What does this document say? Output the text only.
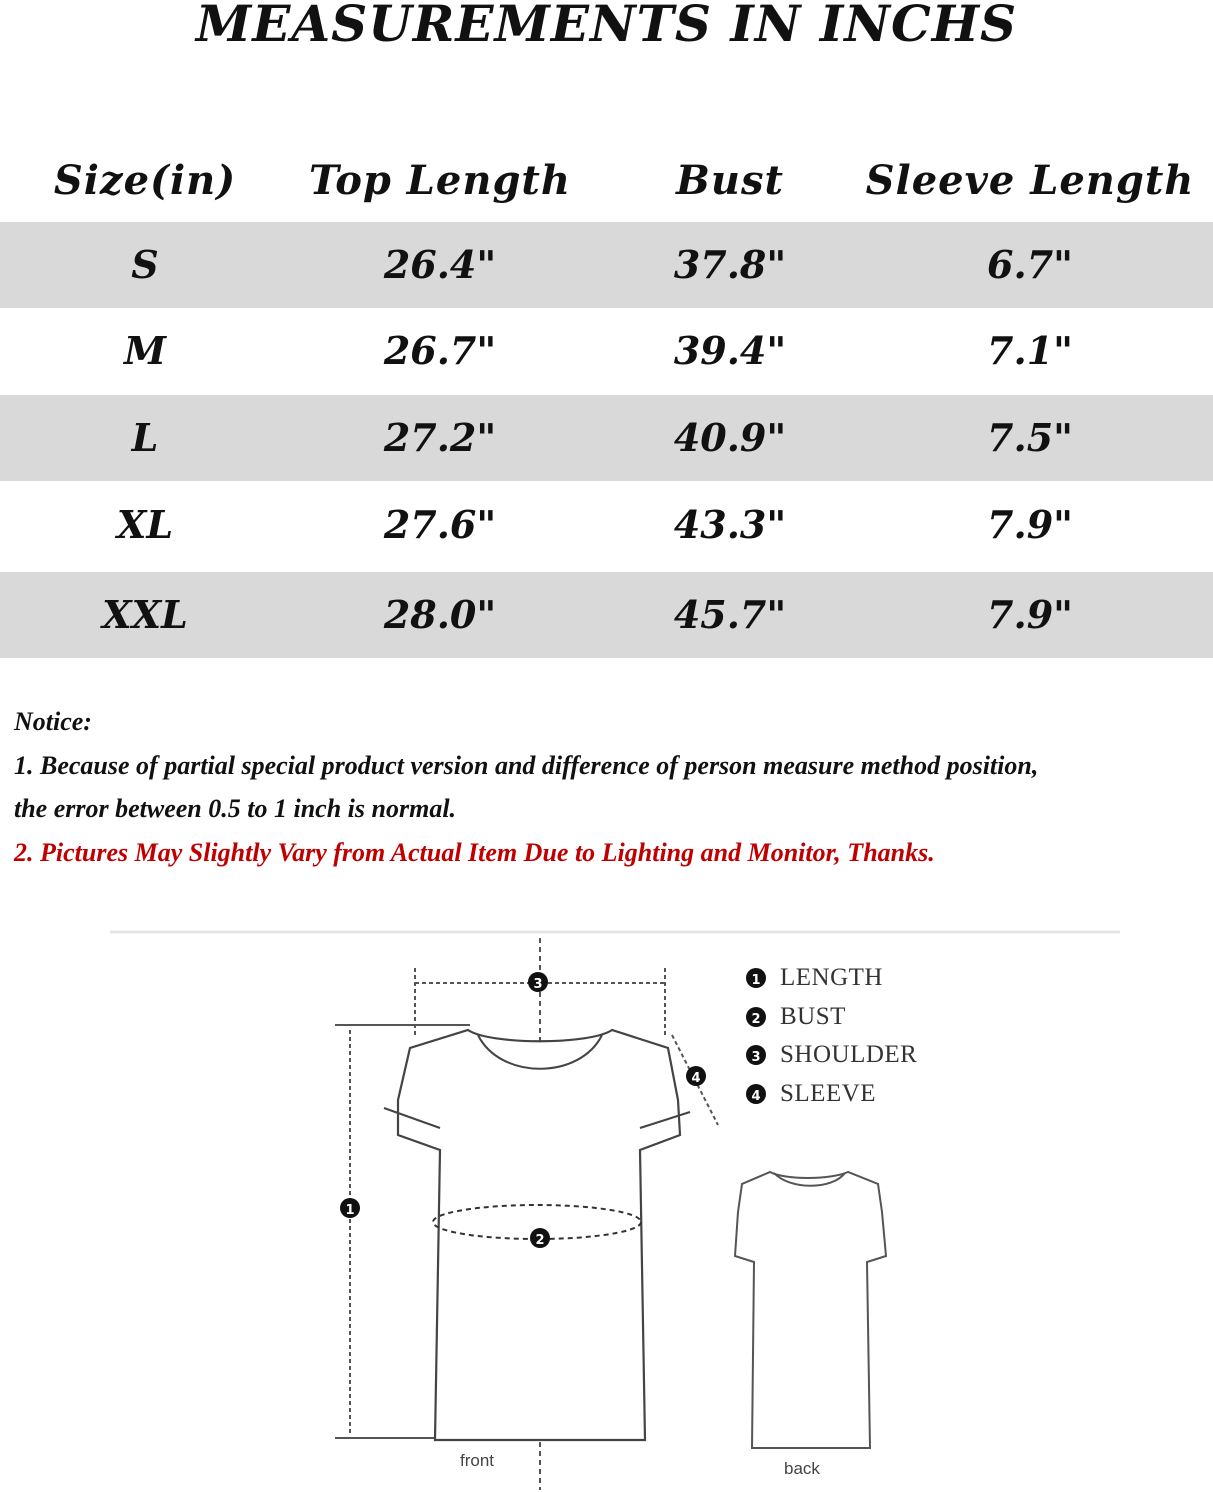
MEASUREMENTS IN INCHS
Size(in)	Top Length	Bust	Sleeve Length
S	26.4"	37.8"	6.7"
M	26.7"	39.4"	7.1"
L	27.2"	40.9"	7.5"
XL	27.6"	43.3"	7.9"
XXL	28.0"	45.7"	7.9"
Notice:
1. Because of partial special product version and difference of person measure method position,
the error between 0.5 to 1 inch is normal.
2. Pictures May Slightly Vary from Actual Item Due to Lighting and Monitor, Thanks.
3
4
1
2
1
2
3
4
LENGTH
BUST
SHOULDER
SLEEVE
front	back
